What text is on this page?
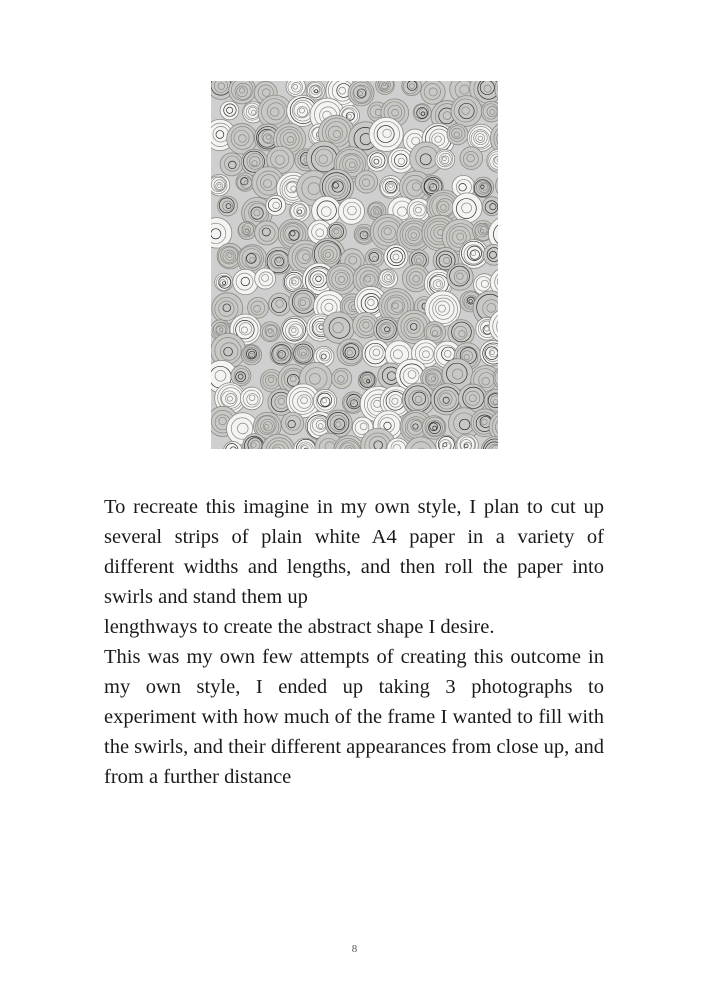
To recreate this imagine in my own style, I plan to cut up several strips of plain white A4 paper in a variety of different widths and lengths, and then roll the paper into swirls and stand them up

lengthways to create the abstract shape I desire.

This was my own few attempts of creating this outcome in my own style, I ended up taking 3 photographs to experiment with how much of the frame I wanted to fill with the swirls, and their different appearances from close up, and from a further distance

8
